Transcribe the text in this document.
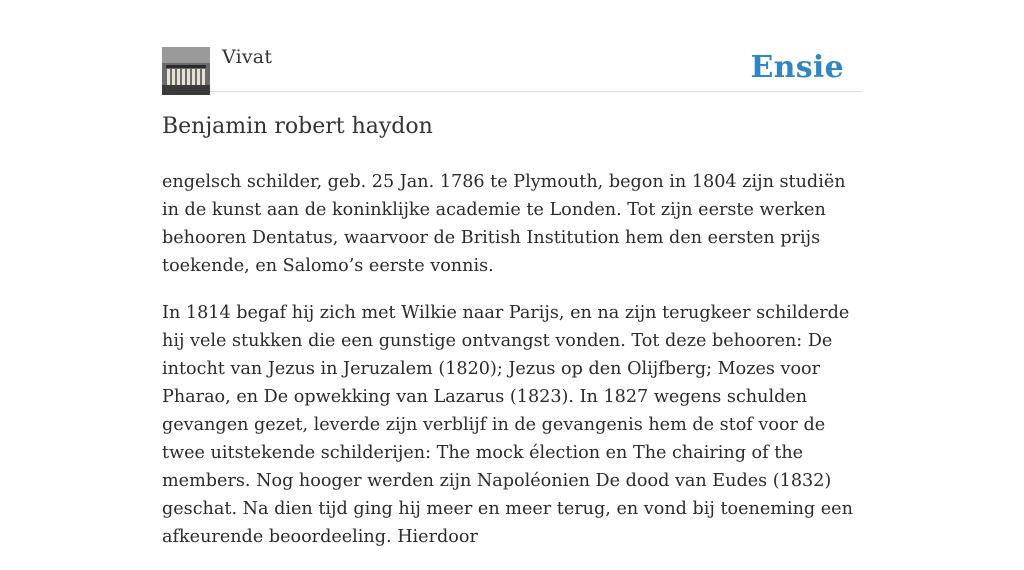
Vivat	Ensie
Benjamin robert haydon

engelsch schilder, geb. 25 Jan. 1786 te Plymouth, begon in 1804 zijn studiën in de kunst aan de koninklijke academie te Londen. Tot zijn eerste werken behooren Dentatus, waarvoor de British Institution hem den eersten prijs toekende, en Salomo’s eerste vonnis.

In 1814 begaf hij zich met Wilkie naar Parijs, en na zijn terugkeer schilderde hij vele stukken die een gunstige ontvangst vonden. Tot deze behooren: De intocht van Jezus in Jeruzalem (1820); Jezus op den Olijfberg; Mozes voor Pharao, en De opwekking van Lazarus (1823). In 1827 wegens schulden gevangen gezet, leverde zijn verblijf in de gevangenis hem de stof voor de twee uitstekende schilderijen: The mock élection en The chairing of the members. Nog hooger werden zijn Napoléonien De dood van Eudes (1832) geschat. Na dien tijd ging hij meer en meer terug, en vond bij toeneming een afkeurende beoordeeling. Hierdoor
